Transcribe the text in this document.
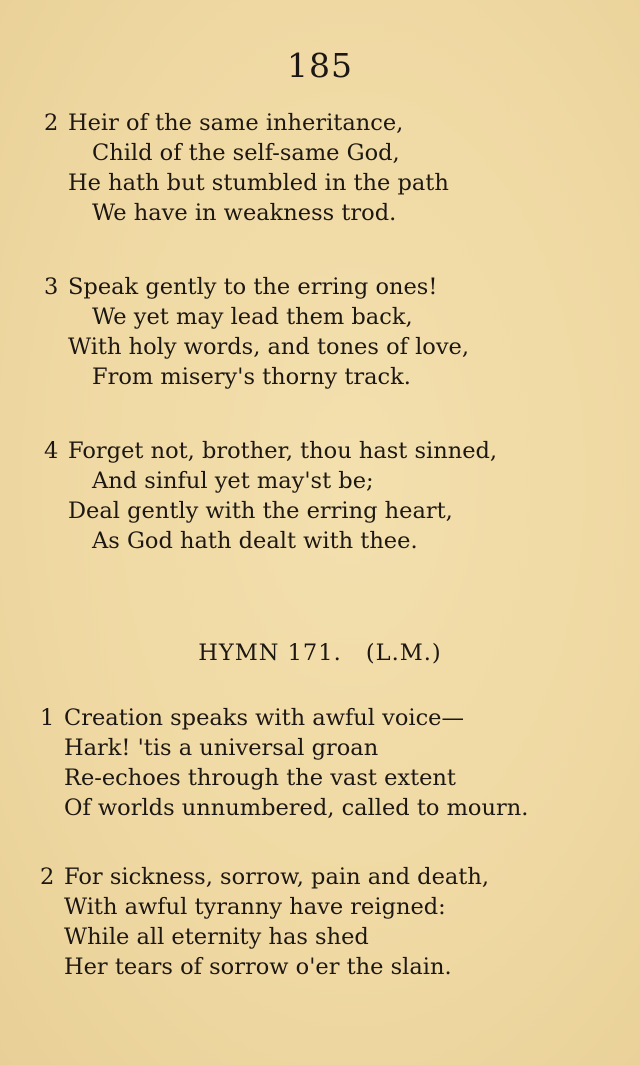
185
2 Heir of the same inheritance,
Child of the self-same God,
He hath but stumbled in the path
We have in weakness trod.
3 Speak gently to the erring ones!
We yet may lead them back,
With holy words, and tones of love,
From misery's thorny track.
4 Forget not, brother, thou hast sinned,
And sinful yet may'st be;
Deal gently with the erring heart,
As God hath dealt with thee.
HYMN 171. (L.M.)
1 Creation speaks with awful voice—
Hark! 'tis a universal groan
Re-echoes through the vast extent
Of worlds unnumbered, called to mourn.
2 For sickness, sorrow, pain and death,
With awful tyranny have reigned:
While all eternity has shed
Her tears of sorrow o'er the slain.
